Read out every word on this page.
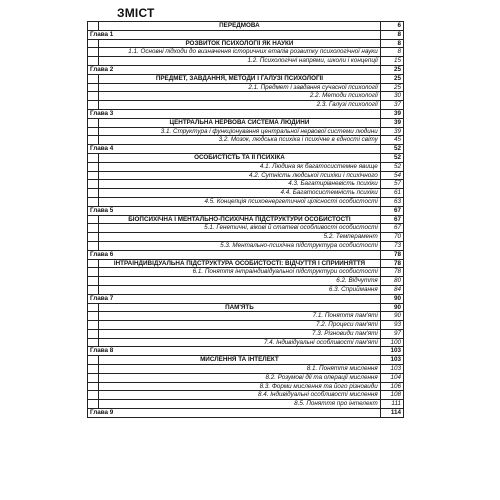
ЗМІСТ
	ПЕРЕДМОВА	6
Глава 1		8
	РОЗВИТОК ПСИХОЛОГІЇ ЯК НАУКИ	8
	1.1. Основні підходи до визначення історичних етапів розвитку психологічної науки	8
	1.2. Психологічні напрями, школи і концепції	15
Глава 2		25
	ПРЕДМЕТ, ЗАВДАННЯ, МЕТОДИ І ГАЛУЗІ ПСИХОЛОГІЇ	25
	2.1. Предмет і завдання сучасної психології	25
	2.2. Методи психології	30
	2.3. Галузі психології	37
Глава 3		39
	ЦЕНТРАЛЬНА НЕРВОВА СИСТЕМА ЛЮДИНИ	39
	3.1. Структура і функціонування центральної нервової системи людини	39
	3.2. Мозок, людська психіка і психічне в єдності світу	45
Глава 4		52
	ОСОБИСТІСТЬ ТА ЇЇ ПСИХІКА	52
	4.1. Людина як багатосистемне явище	52
	4.2. Сутність людської психіки і психічного	54
	4.3. Багатирівневість психіки	57
	4.4. Багатосистемність психіки	61
	4.5. Концепція психоенергетичної цілісності особистості	63
Глава 5		67
	БІОПСИХІЧНА І МЕНТАЛЬНО-ПСИХІЧНА ПІДСТРУКТУРИ ОСОБИСТОСТІ	67
	5.1. Генетичні, вікові й статеві особливості особистості	67
	5.2. Темперамент	70
	5.3. Ментально-психічна підструктура особистості	73
Глава 6		78
	ІНТРАІНДИВІДУАЛЬНА ПІДСТРУКТУРА ОСОБИСТОСТІ: ВІДЧУТТЯ І СПРИЙНЯТТЯ	78
	6.1. Поняття інтраіндивідуальної підструктури особистості	78
	6.2. Відчуття	80
	6.3. Сприймання	84
Глава 7		90
	ПАМ'ЯТЬ	90
	7.1. Поняття пам'яті	90
	7.2. Процеси пам'яті	93
	7.3. Різновиди пам'яті	97
	7.4. Індивідуальні особливості пам'яті	100
Глава 8		103
	МИСЛЕННЯ ТА ІНТЕЛЕКТ	103
	8.1. Поняття мислення	103
	8.2. Розумові дії та операції мислення	104
	8.3. Форми мислення та його різновиди	106
	8.4. Індивідуальні особливості мислення	108
	8.5. Поняття про інтелект	111
Глава 9		114
